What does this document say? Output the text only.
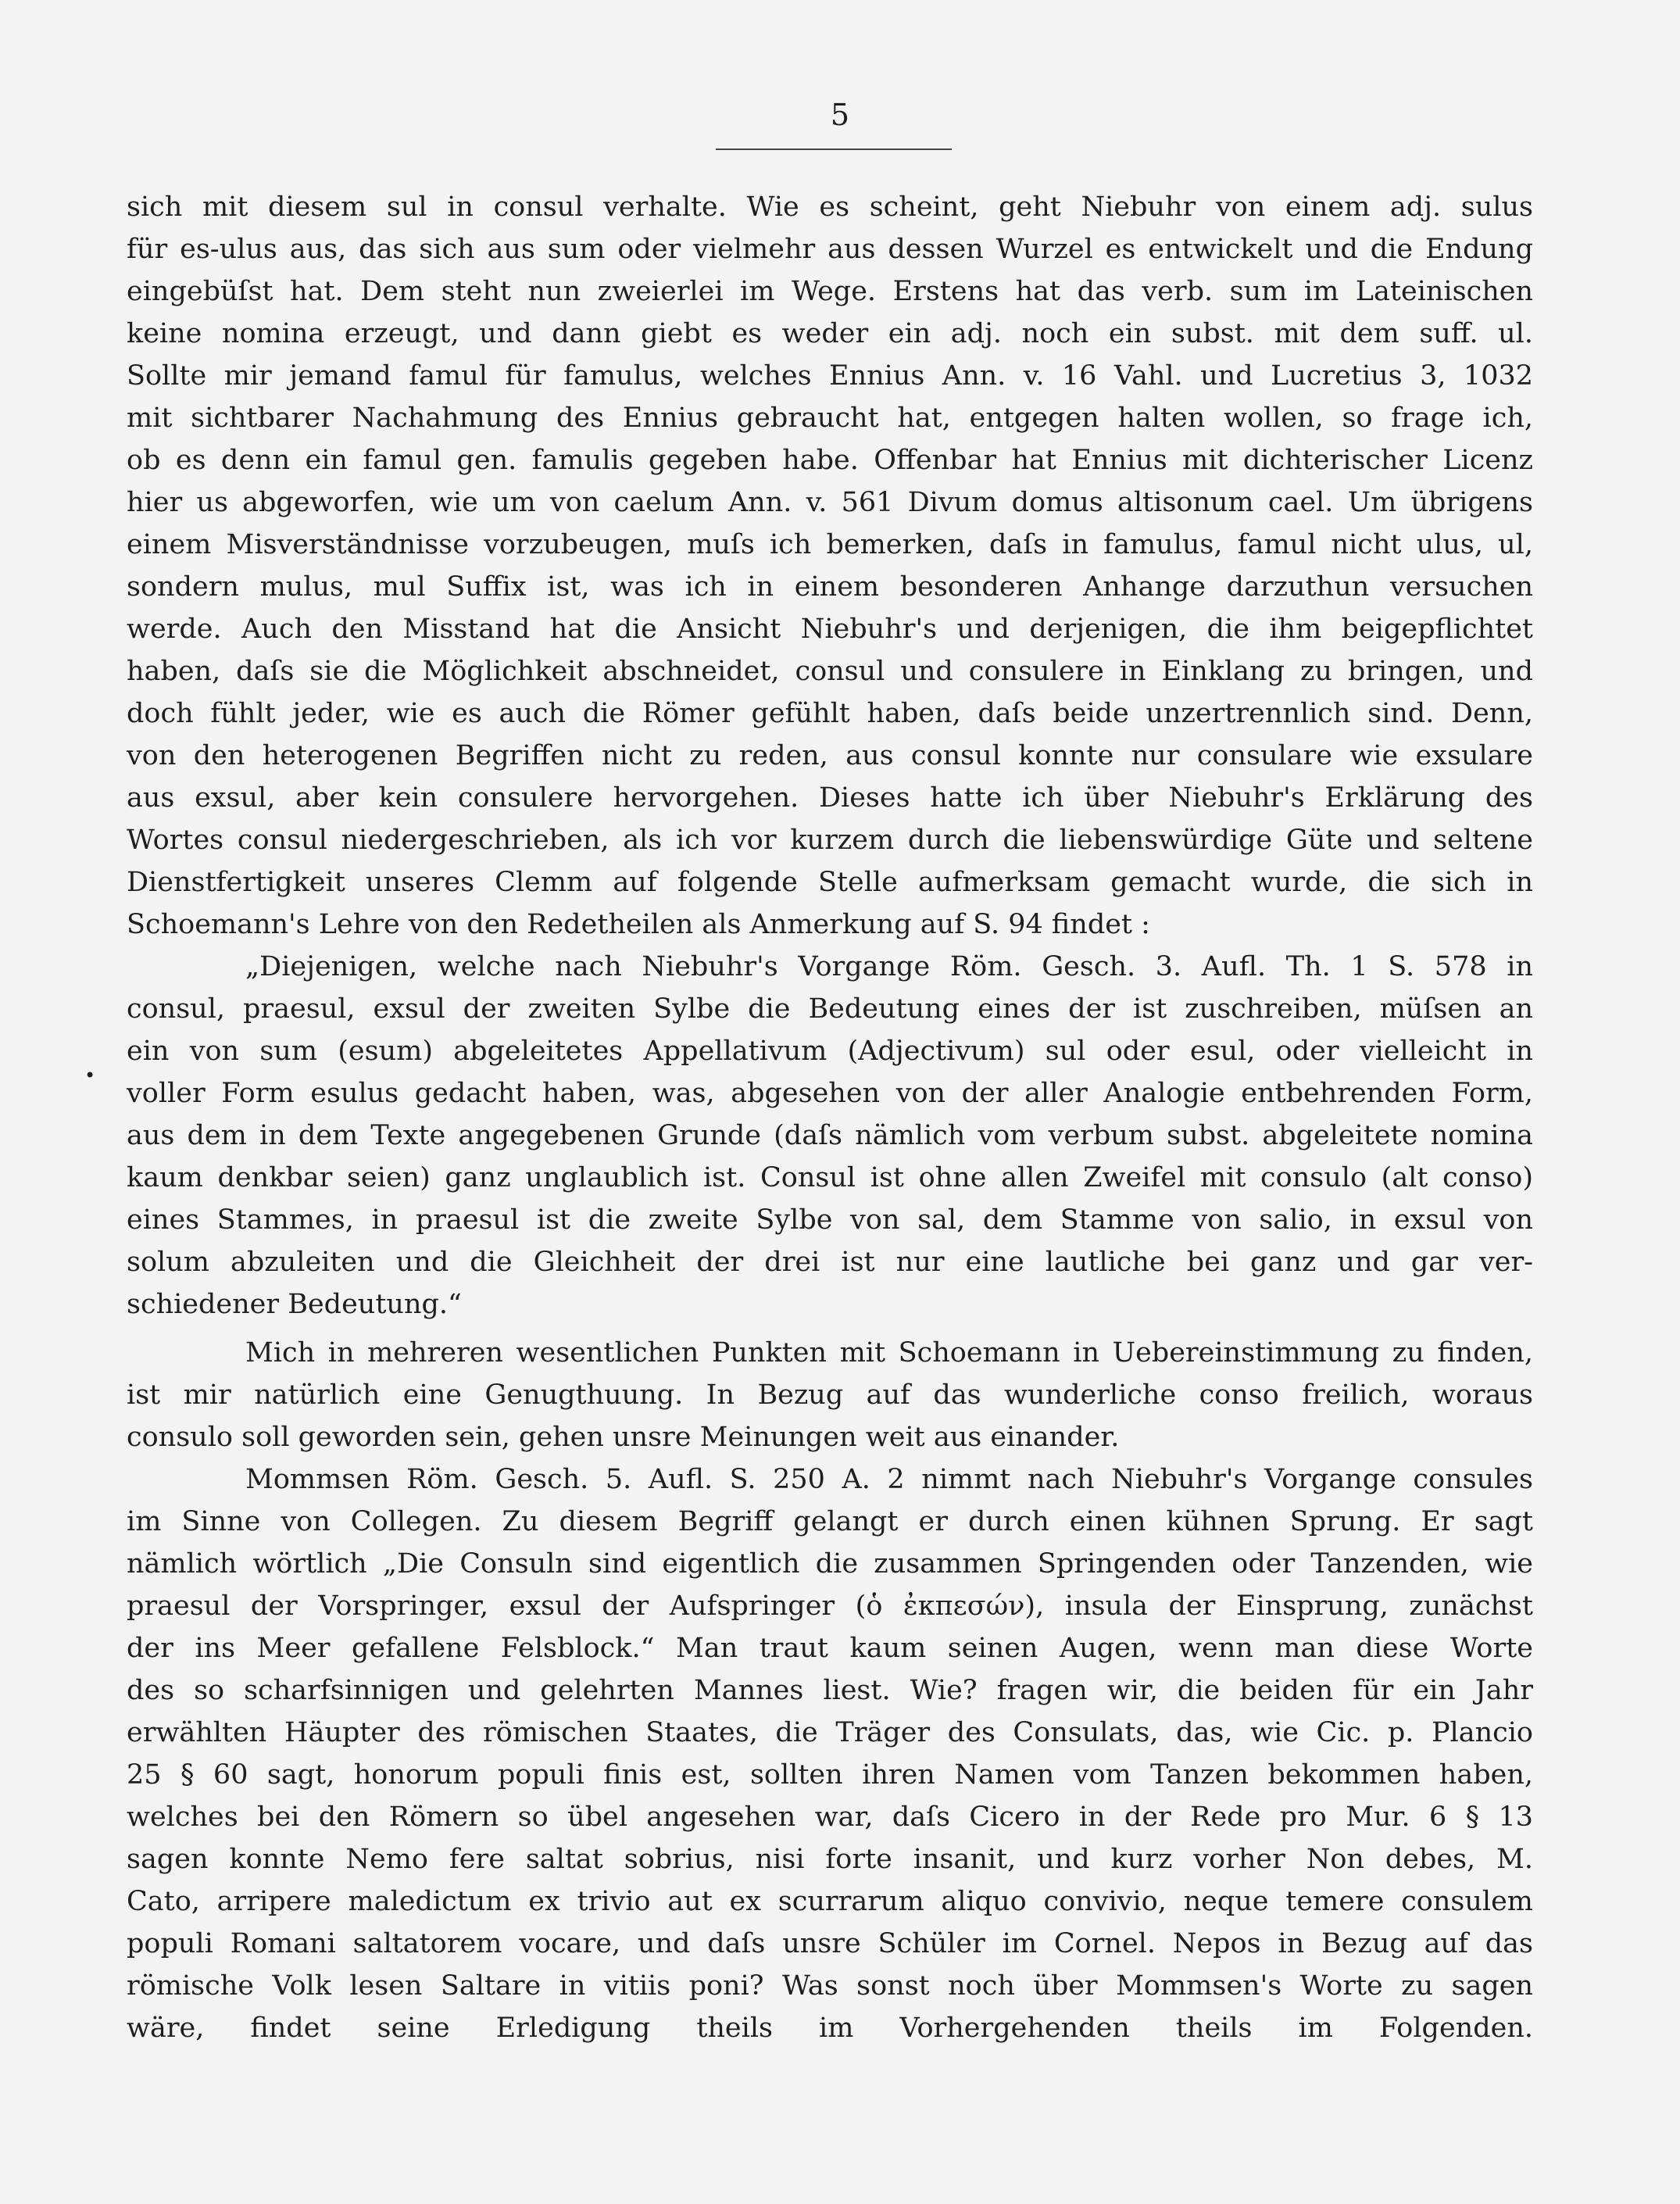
5
•
sich mit diesem sul in consul verhalte. Wie es scheint, geht Niebuhr von einem adj. sulus
für es-ulus aus, das sich aus sum oder vielmehr aus dessen Wurzel es entwickelt und die Endung
eingebüſst hat. Dem steht nun zweierlei im Wege. Erstens hat das verb. sum im Lateinischen
keine nomina erzeugt, und dann giebt es weder ein adj. noch ein subst. mit dem suff. ul.
Sollte mir jemand famul für famulus, welches Ennius Ann. v. 16 Vahl. und Lucretius 3, 1032
mit sichtbarer Nachahmung des Ennius gebraucht hat, entgegen halten wollen, so frage ich,
ob es denn ein famul gen. famulis gegeben habe. Offenbar hat Ennius mit dichterischer Licenz
hier us abgeworfen, wie um von caelum Ann. v. 561 Divum domus altisonum cael. Um übrigens
einem Misverständnisse vorzubeugen, muſs ich bemerken, daſs in famulus, famul nicht ulus, ul,
sondern mulus, mul Suffix ist, was ich in einem besonderen Anhange darzuthun versuchen
werde. Auch den Misstand hat die Ansicht Niebuhr's und derjenigen, die ihm beigepflichtet
haben, daſs sie die Möglichkeit abschneidet, consul und consulere in Einklang zu bringen, und
doch fühlt jeder, wie es auch die Römer gefühlt haben, daſs beide unzertrennlich sind. Denn,
von den heterogenen Begriffen nicht zu reden, aus consul konnte nur consulare wie exsulare
aus exsul, aber kein consulere hervorgehen. Dieses hatte ich über Niebuhr's Erklärung des
Wortes consul niedergeschrieben, als ich vor kurzem durch die liebenswürdige Güte und seltene
Dienstfertigkeit unseres Clemm auf folgende Stelle aufmerksam gemacht wurde, die sich in
Schoemann's Lehre von den Redetheilen als Anmerkung auf S. 94 findet :
„Diejenigen, welche nach Niebuhr's Vorgange Röm. Gesch. 3. Aufl. Th. 1 S. 578 in
consul, praesul, exsul der zweiten Sylbe die Bedeutung eines der ist zuschreiben, müſsen an
ein von sum (esum) abgeleitetes Appellativum (Adjectivum) sul oder esul, oder vielleicht in
voller Form esulus gedacht haben, was, abgesehen von der aller Analogie entbehrenden Form,
aus dem in dem Texte angegebenen Grunde (daſs nämlich vom verbum subst. abgeleitete nomina
kaum denkbar seien) ganz unglaublich ist. Consul ist ohne allen Zweifel mit consulo (alt conso)
eines Stammes, in praesul ist die zweite Sylbe von sal, dem Stamme von salio, in exsul von
solum abzuleiten und die Gleichheit der drei ist nur eine lautliche bei ganz und gar ver-
schiedener Bedeutung.“
Mich in mehreren wesentlichen Punkten mit Schoemann in Uebereinstimmung zu finden,
ist mir natürlich eine Genugthuung. In Bezug auf das wunderliche conso freilich, woraus
consulo soll geworden sein, gehen unsre Meinungen weit aus einander.
Mommsen Röm. Gesch. 5. Aufl. S. 250 A. 2 nimmt nach Niebuhr's Vorgange consules
im Sinne von Collegen. Zu diesem Begriff gelangt er durch einen kühnen Sprung. Er sagt
nämlich wörtlich „Die Consuln sind eigentlich die zusammen Springenden oder Tanzenden, wie
praesul der Vorspringer, exsul der Aufspringer (ὁ ἐκπεσών), insula der Einsprung, zunächst
der ins Meer gefallene Felsblock.“ Man traut kaum seinen Augen, wenn man diese Worte
des so scharfsinnigen und gelehrten Mannes liest. Wie? fragen wir, die beiden für ein Jahr
erwählten Häupter des römischen Staates, die Träger des Consulats, das, wie Cic. p. Plancio
25 § 60 sagt, honorum populi finis est, sollten ihren Namen vom Tanzen bekommen haben,
welches bei den Römern so übel angesehen war, daſs Cicero in der Rede pro Mur. 6 § 13
sagen konnte Nemo fere saltat sobrius, nisi forte insanit, und kurz vorher Non debes, M.
Cato, arripere maledictum ex trivio aut ex scurrarum aliquo convivio, neque temere consulem
populi Romani saltatorem vocare, und daſs unsre Schüler im Cornel. Nepos in Bezug auf das
römische Volk lesen Saltare in vitiis poni? Was sonst noch über Mommsen's Worte zu sagen
wäre, findet seine Erledigung theils im Vorhergehenden theils im Folgenden.
